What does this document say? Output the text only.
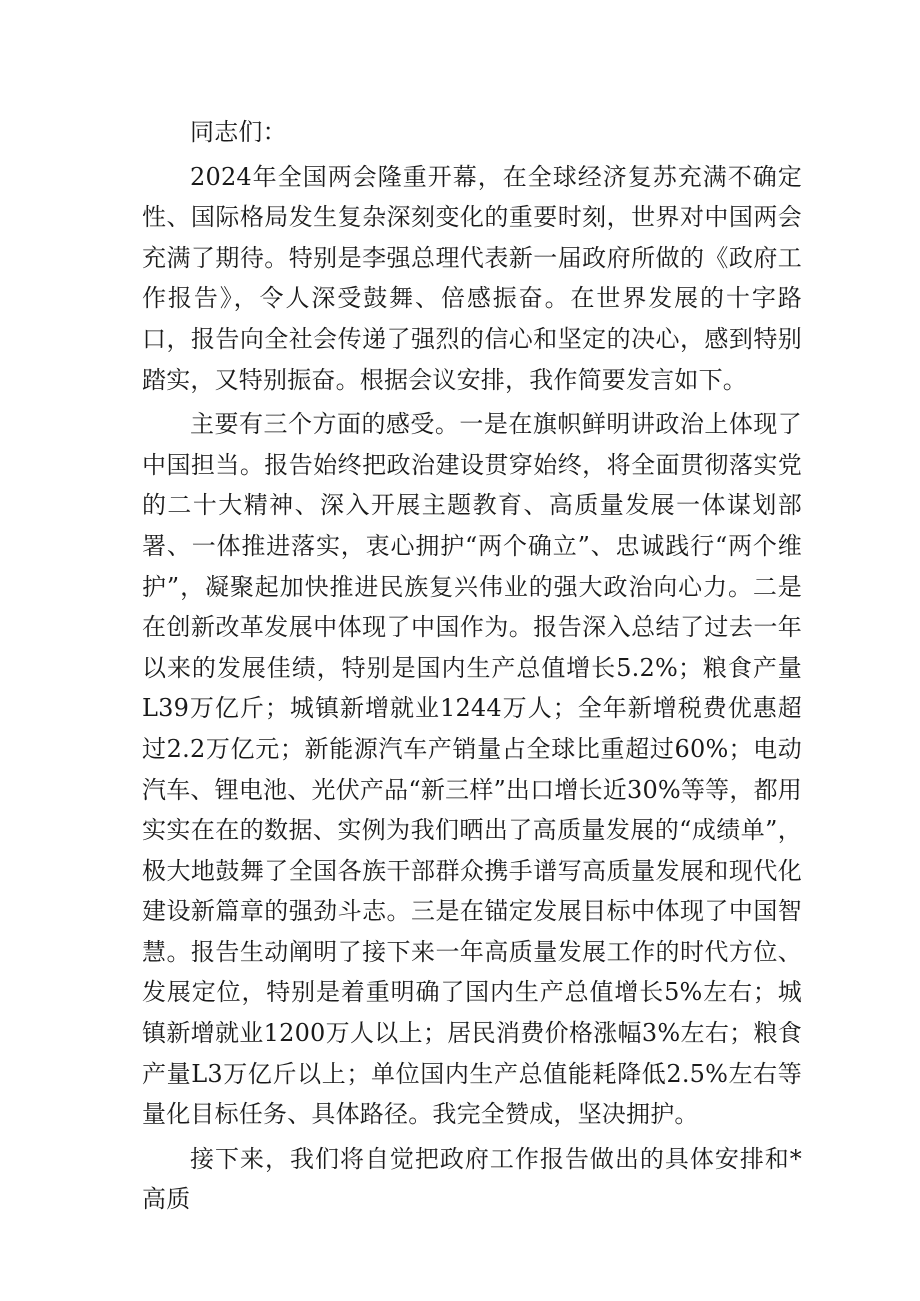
同志们：

2024年全国两会隆重开幕，在全球经济复苏充满不确定性、国际格局发生复杂深刻变化的重要时刻，世界对中国两会充满了期待。特别是李强总理代表新一届政府所做的《政府工作报告》，令人深受鼓舞、倍感振奋。在世界发展的十字路口，报告向全社会传递了强烈的信心和坚定的决心，感到特别踏实，又特别振奋。根据会议安排，我作简要发言如下。

主要有三个方面的感受。一是在旗帜鲜明讲政治上体现了中国担当。报告始终把政治建设贯穿始终，将全面贯彻落实党的二十大精神、深入开展主题教育、高质量发展一体谋划部署、一体推进落实，衷心拥护“两个确立”、忠诚践行“两个维护”，凝聚起加快推进民族复兴伟业的强大政治向心力。二是在创新改革发展中体现了中国作为。报告深入总结了过去一年以来的发展佳绩，特别是国内生产总值增长5.2%；粮食产量L39万亿斤；城镇新增就业1244万人；全年新增税费优惠超过2.2万亿元；新能源汽车产销量占全球比重超过60%；电动汽车、锂电池、光伏产品“新三样”出口增长近30%等等，都用实实在在的数据、实例为我们晒出了高质量发展的“成绩单”，极大地鼓舞了全国各族干部群众携手谱写高质量发展和现代化建设新篇章的强劲斗志。三是在锚定发展目标中体现了中国智慧。报告生动阐明了接下来一年高质量发展工作的时代方位、发展定位，特别是着重明确了国内生产总值增长5%左右；城镇新增就业1200万人以上；居民消费价格涨幅3%左右；粮食产量L3万亿斤以上；单位国内生产总值能耗降低2.5%左右等量化目标任务、具体路径。我完全赞成，坚决拥护。

接下来，我们将自觉把政府工作报告做出的具体安排和*高质
